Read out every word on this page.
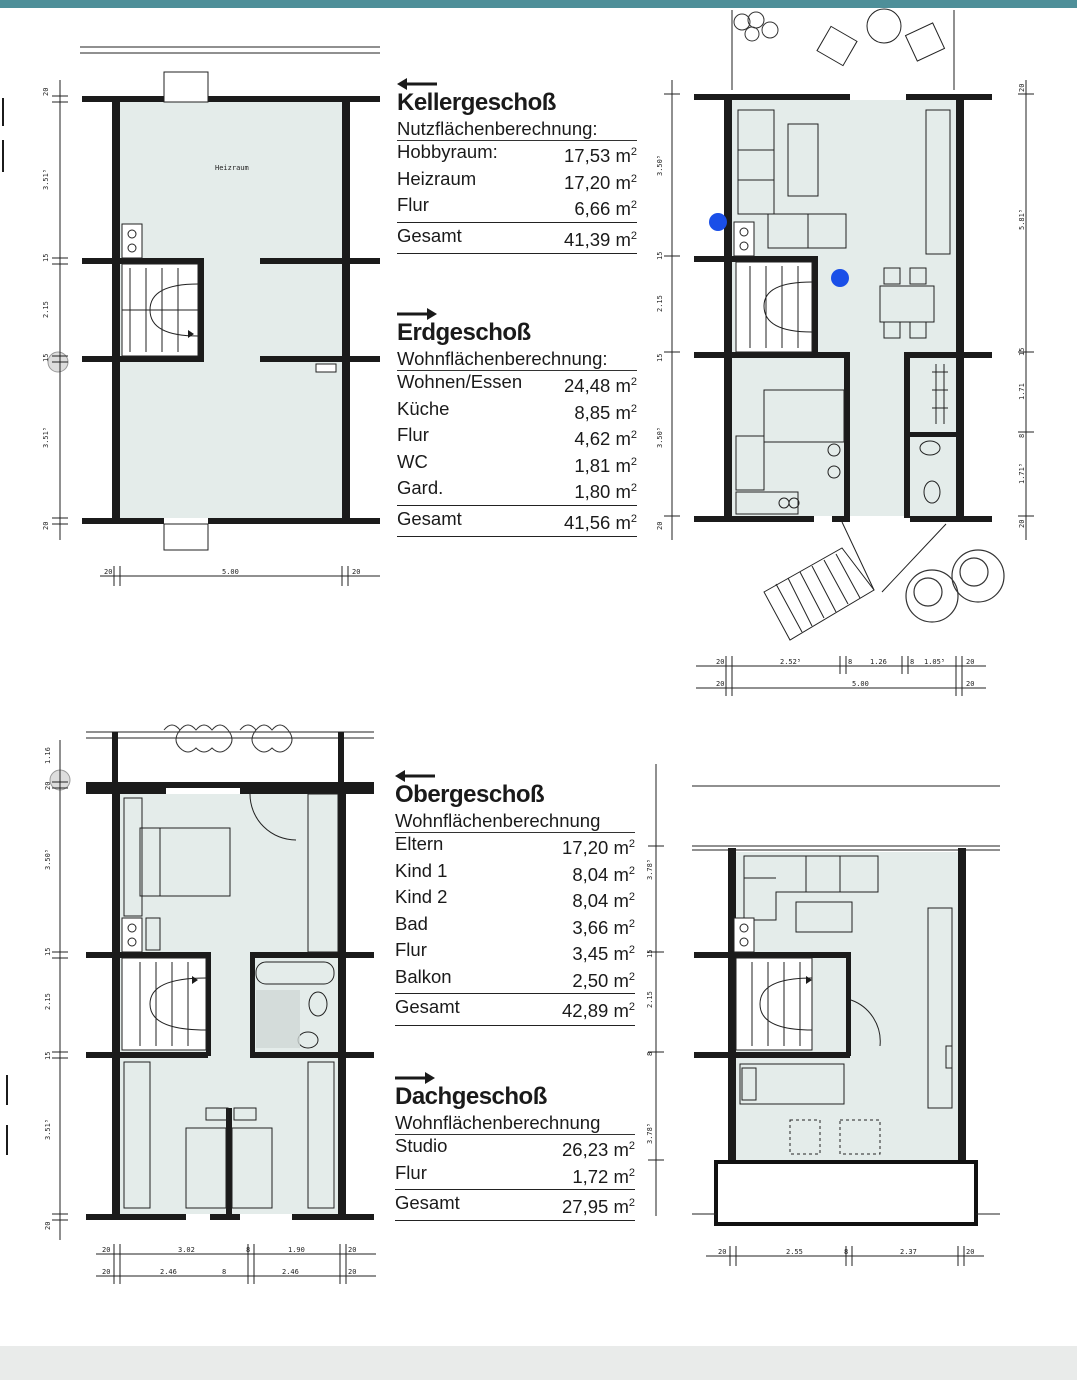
Heizraum
20
3.51⁵
15
2.15
15
3.51⁵
20
20	5.00	20
3.50⁵
15
2.15
15
3.50⁵
20
20
5.81⁵
15
1.71
8
1.71⁵
20
20	2.52⁵	8	1.26	8 1.05⁵	20
20	5.00	20
1.16
20
3.50⁵
15
2.15
15
3.51⁵
20
20	3.02	8	1.90	20
20	2.46	8	2.46	20
3.78⁵
15
2.15
8
3.78⁵
20	2.55	8	2.37	20
Kellergeschoß
Nutzflächenberechnung:
Hobbyraum:	17,53 $m^2$
Heizraum	17,20 $m^2$
Flur	6,66 $m^2$
Gesamt	41,39 $m^2$
Erdgeschoß
Wohnflächenberechnung:
Wohnen/Essen 24,48 $m^2$
Küche	8,85 $m^2$
Flur	4,62 $m^2$
WC	1,81 $m^2$
Gard.	1,80 $m^2$
Gesamt	41,56 $m^2$
Obergeschoß
Wohnflächenberechnung
Eltern	17,20 $m^2$
Kind 1	8,04 $m^2$
Kind 2	8,04 $m^2$
Bad	3,66 $m^2$
Flur	3,45 $m^2$
Balkon	2,50 $m^2$
Gesamt	42,89 $m^2$
Dachgeschoß
Wohnflächenberechnung
Studio	26,23 $m^2$
Flur	1,72 $m^2$
Gesamt	27,95 $m^2$
